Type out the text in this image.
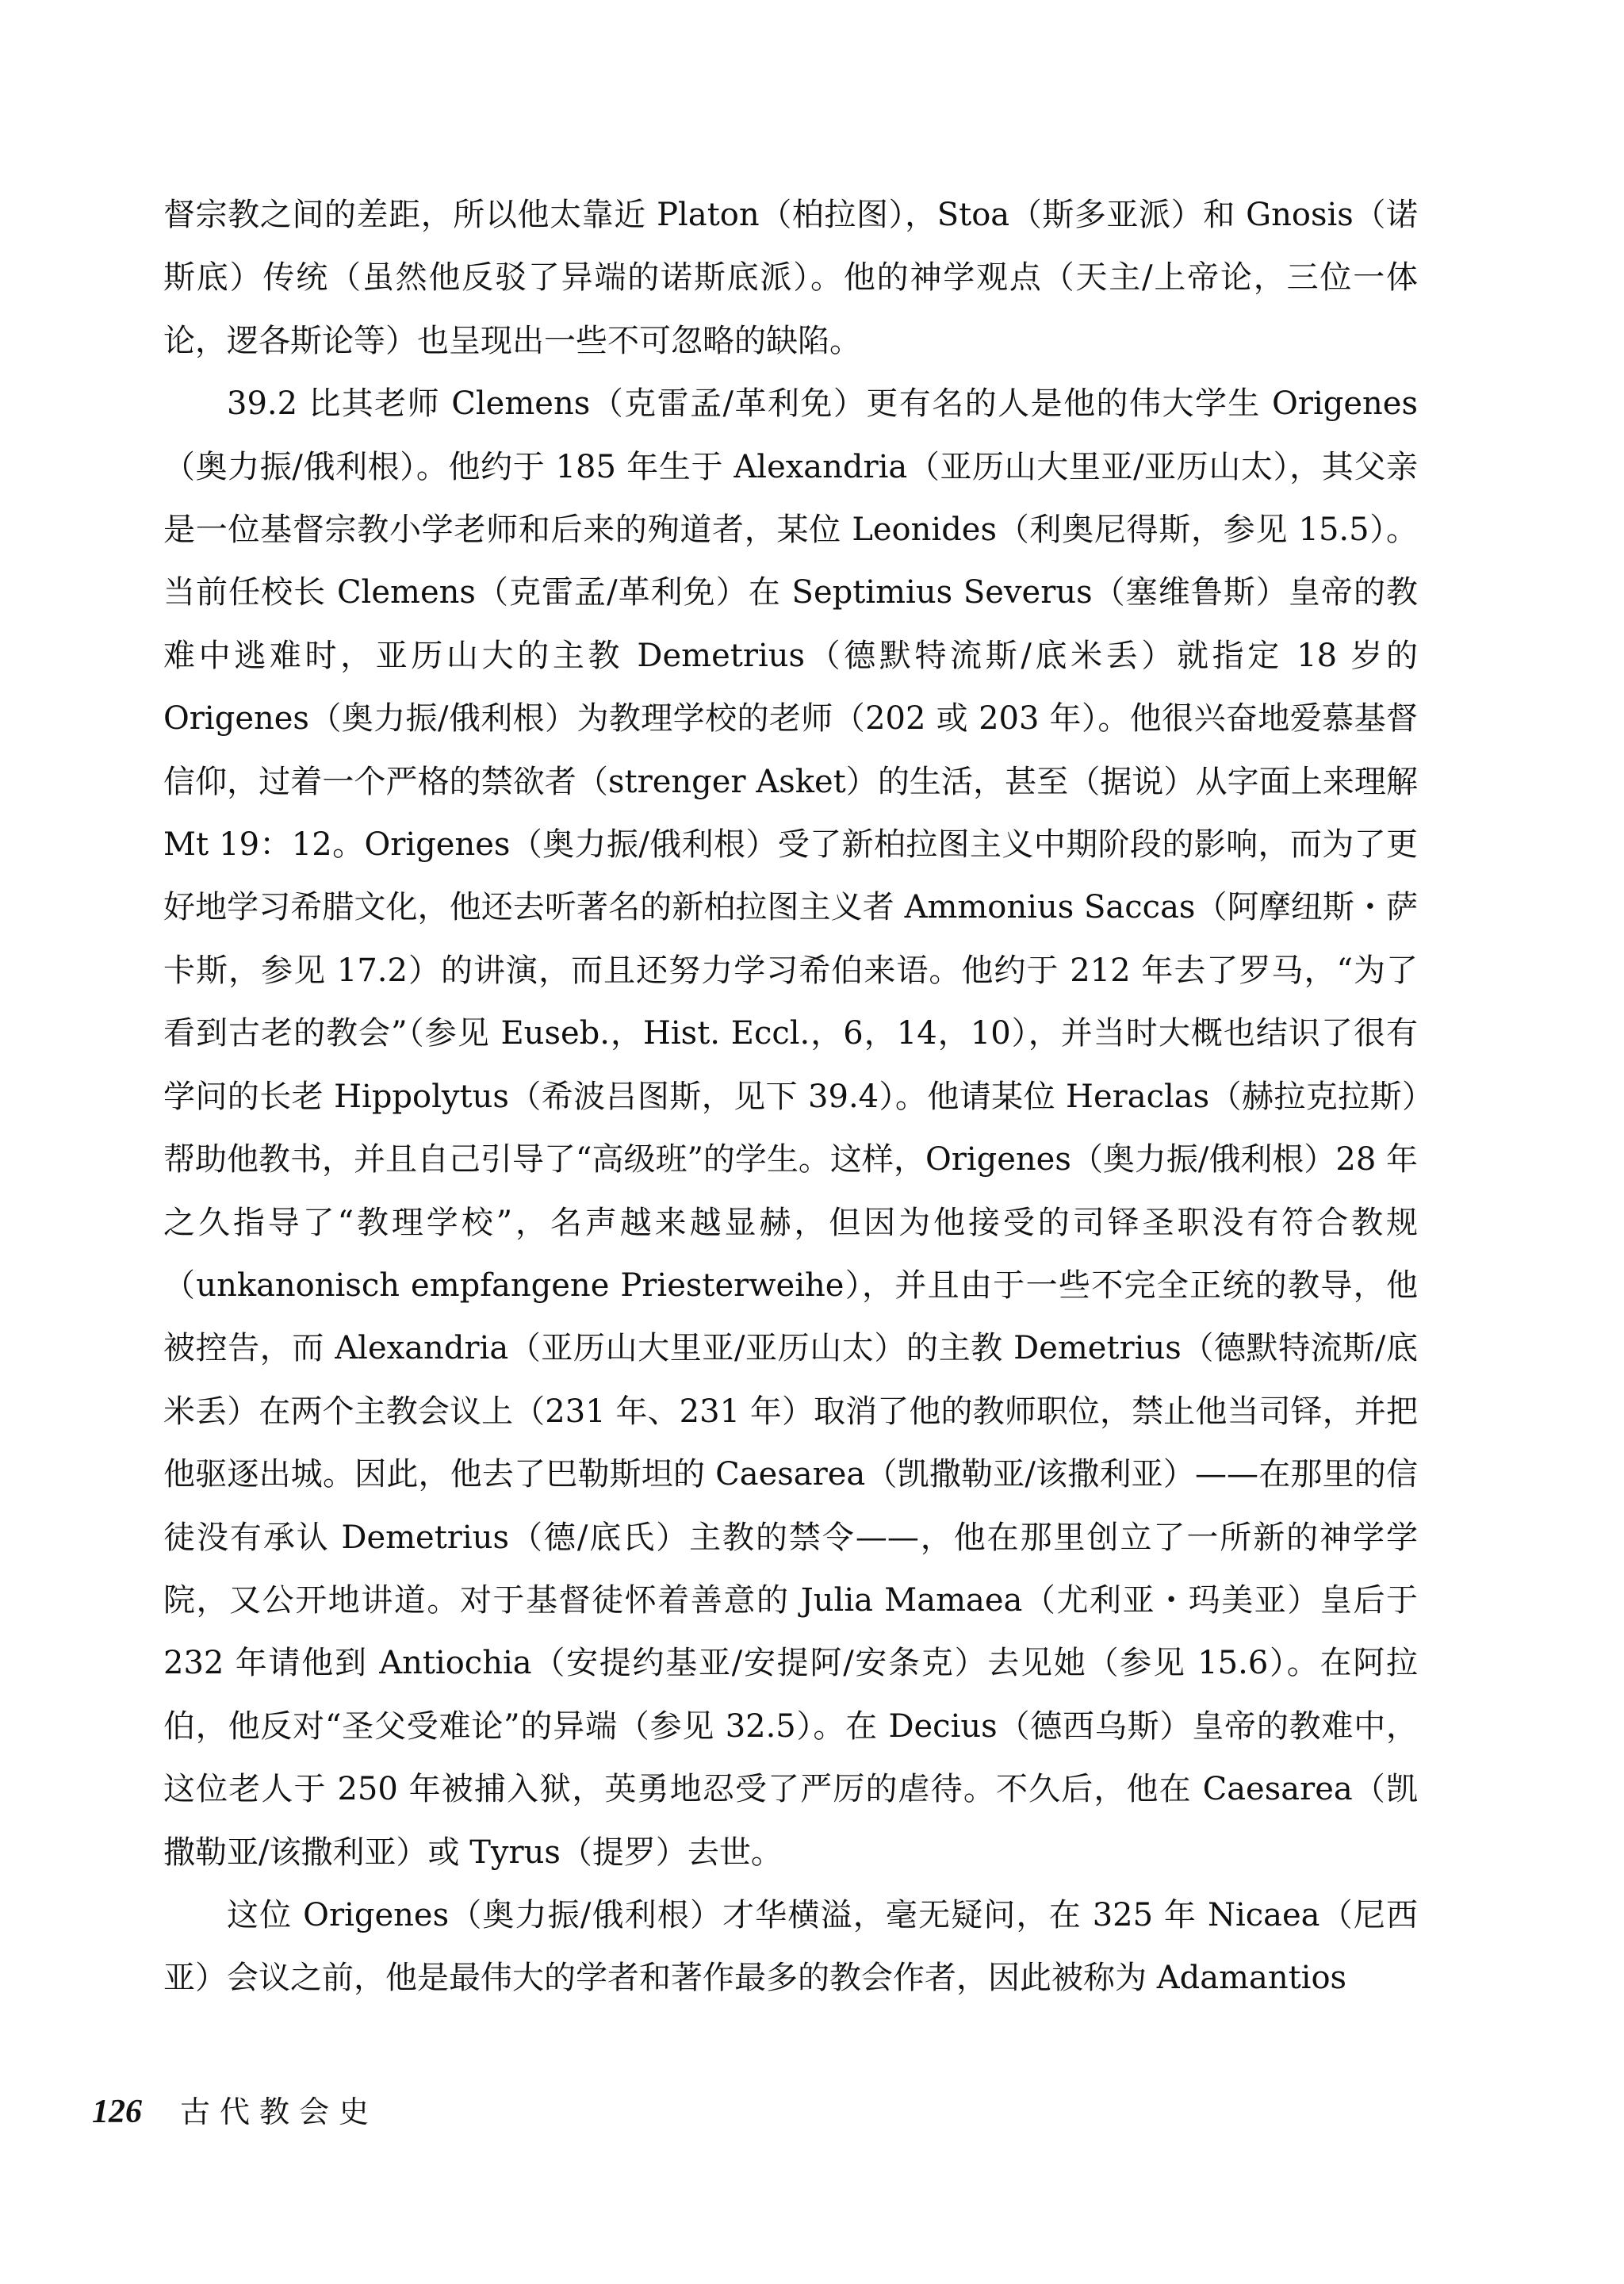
督宗教之间的差距，所以他太靠近 Platon（柏拉图），Stoa（斯多亚派）和 Gnosis（诺斯底）传统（虽然他反驳了异端的诺斯底派）。他的神学观点（天主/上帝论，三位一体论，逻各斯论等）也呈现出一些不可忽略的缺陷。

39.2 比其老师 Clemens（克雷孟/革利免）更有名的人是他的伟大学生 Origenes（奥力振/俄利根）。他约于 185 年生于 Alexandria（亚历山大里亚/亚历山太），其父亲是一位基督宗教小学老师和后来的殉道者，某位 Leonides（利奥尼得斯，参见 15.5）。当前任校长 Clemens（克雷孟/革利免）在 Septimius Severus（塞维鲁斯）皇帝的教难中逃难时，亚历山大的主教 Demetrius（德默特流斯/底米丢）就指定 18 岁的 Origenes（奥力振/俄利根）为教理学校的老师（202 或 203 年）。他很兴奋地爱慕基督信仰，过着一个严格的禁欲者（strenger Asket）的生活，甚至（据说）从字面上来理解 Mt 19：12。Origenes（奥力振/俄利根）受了新柏拉图主义中期阶段的影响，而为了更好地学习希腊文化，他还去听著名的新柏拉图主义者 Ammonius Saccas（阿摩纽斯・萨卡斯，参见 17.2）的讲演，而且还努力学习希伯来语。他约于 212 年去了罗马，“为了看到古老的教会”（参见 Euseb.，Hist. Eccl.，6，14，10），并当时大概也结识了很有学问的长老 Hippolytus（希波吕图斯，见下 39.4）。他请某位 Heraclas（赫拉克拉斯）帮助他教书，并且自己引导了“高级班”的学生。这样，Origenes（奥力振/俄利根）28 年之久指导了“教理学校”，名声越来越显赫，但因为他接受的司铎圣职没有符合教规（unkanonisch empfangene Priesterweihe），并且由于一些不完全正统的教导，他被控告，而 Alexandria（亚历山大里亚/亚历山太）的主教 Demetrius（德默特流斯/底米丢）在两个主教会议上（231 年、231 年）取消了他的教师职位，禁止他当司铎，并把他驱逐出城。因此，他去了巴勒斯坦的 Caesarea（凯撒勒亚/该撒利亚）——在那里的信徒没有承认 Demetrius（德/底氏）主教的禁令——，他在那里创立了一所新的神学学院，又公开地讲道。对于基督徒怀着善意的 Julia Mamaea（尤利亚・玛美亚）皇后于 232 年请他到 Antiochia（安提约基亚/安提阿/安条克）去见她（参见 15.6）。在阿拉伯，他反对“圣父受难论”的异端（参见 32.5）。在 Decius（德西乌斯）皇帝的教难中，这位老人于 250 年被捕入狱，英勇地忍受了严厉的虐待。不久后，他在 Caesarea（凯撒勒亚/该撒利亚）或 Tyrus（提罗）去世。

这位 Origenes（奥力振/俄利根）才华横溢，毫无疑问，在 325 年 Nicaea（尼西亚）会议之前，他是最伟大的学者和著作最多的教会作者，因此被称为 Adamantios

126 古代教会史
